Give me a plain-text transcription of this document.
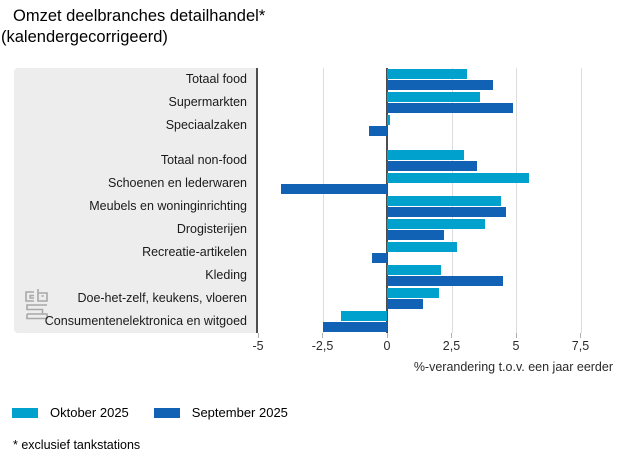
Omzet deelbranches detailhandel*
(kalendergecorrigeerd)
Totaal food
Supermarkten
Speciaalzaken
Totaal non-food
Schoenen en lederwaren
Meubels en woninginrichting
Drogisterijen
Recreatie-artikelen
Kleding
Doe-het-zelf, keukens, vloeren
Consumentenelektronica en witgoed
-5	-2,5	0	2,5	5	7,5
%-verandering t.o.v. een jaar eerder
Oktober 2025	September 2025
* exclusief tankstations
